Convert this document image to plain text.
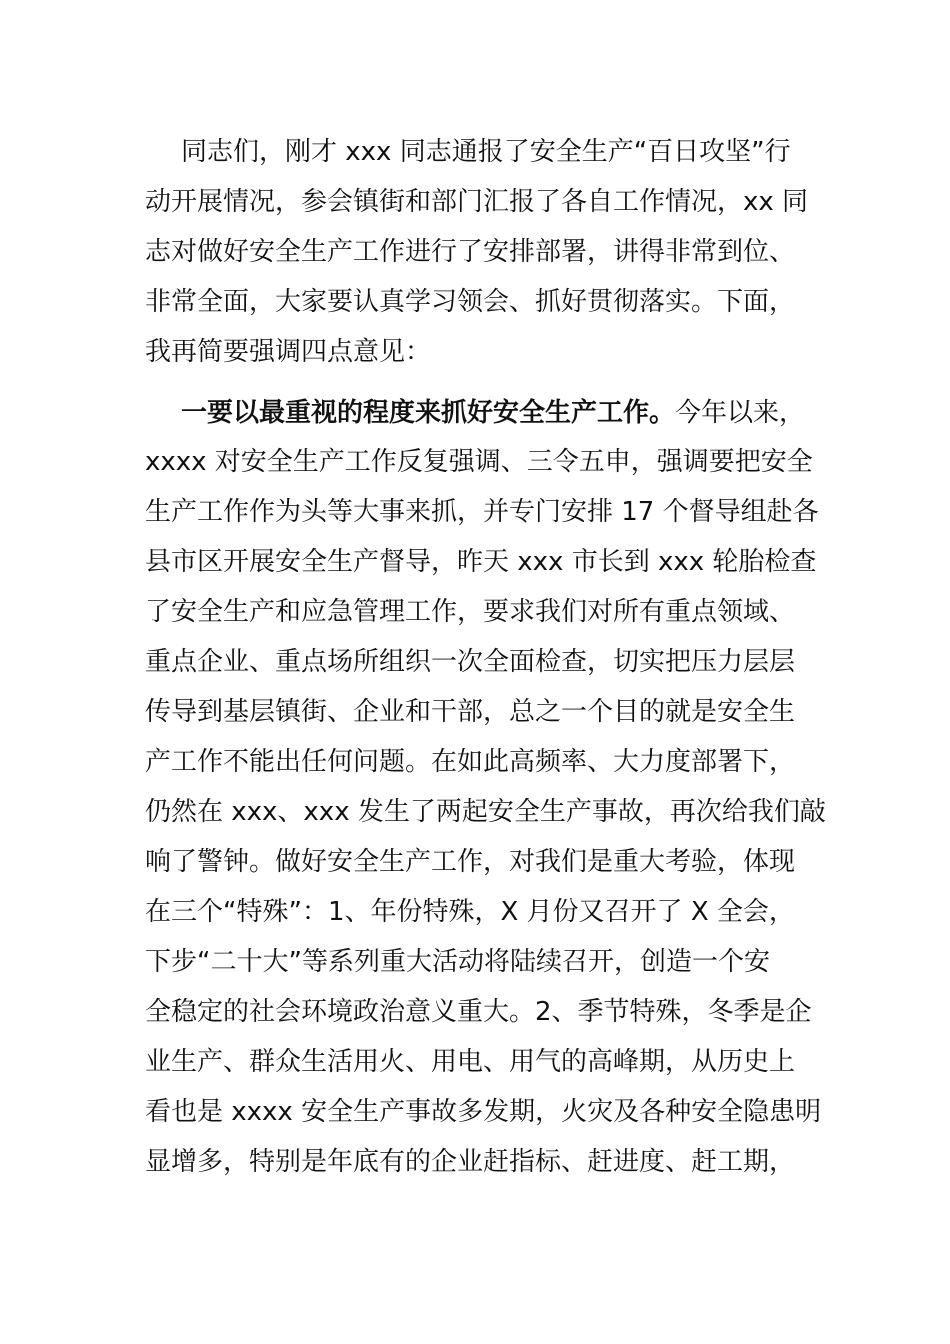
同志们，刚才 xxx 同志通报了安全生产“百日攻坚”行
动开展情况，参会镇街和部门汇报了各自工作情况，xx 同
志对做好安全生产工作进行了安排部署，讲得非常到位、
非常全面，大家要认真学习领会、抓好贯彻落实。下面，
我再简要强调四点意见：
一要以最重视的程度来抓好安全生产工作。今年以来，
xxxx 对安全生产工作反复强调、三令五申，强调要把安全
生产工作作为头等大事来抓，并专门安排 17 个督导组赴各
县市区开展安全生产督导，昨天 xxx 市长到 xxx 轮胎检查
了安全生产和应急管理工作，要求我们对所有重点领域、
重点企业、重点场所组织一次全面检查，切实把压力层层
传导到基层镇街、企业和干部，总之一个目的就是安全生
产工作不能出任何问题。在如此高频率、大力度部署下，
仍然在 xxx、xxx 发生了两起安全生产事故，再次给我们敲
响了警钟。做好安全生产工作，对我们是重大考验，体现
在三个“特殊”：1、年份特殊，X 月份又召开了 X 全会，
下步“二十大”等系列重大活动将陆续召开，创造一个安
全稳定的社会环境政治意义重大。2、季节特殊，冬季是企
业生产、群众生活用火、用电、用气的高峰期，从历史上
看也是 xxxx 安全生产事故多发期，火灾及各种安全隐患明
显增多，特别是年底有的企业赶指标、赶进度、赶工期，
